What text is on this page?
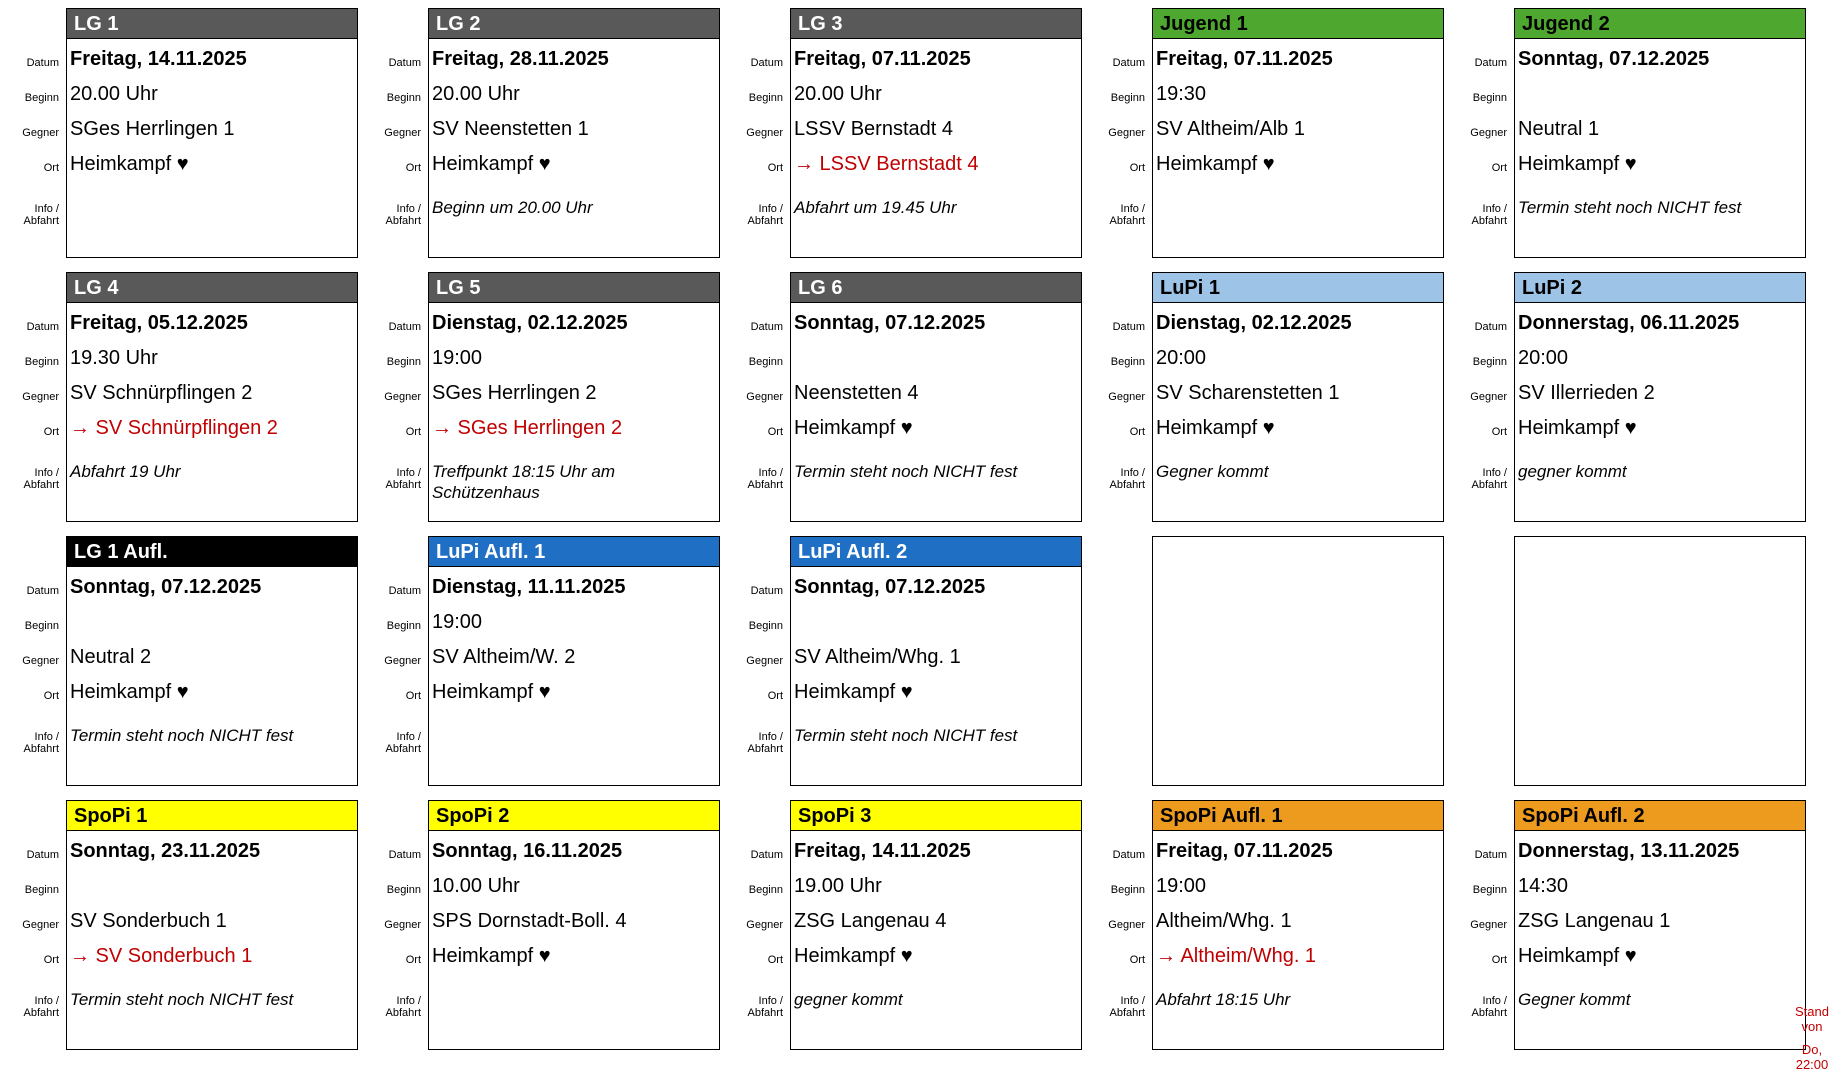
LG 1
Datum Freitag, 14.11.2025
Beginn 20.00 Uhr
Gegner SGes Herrlingen 1
Ort Heimkampf ♥
Info /
Abfahrt
LG 2
Datum Freitag, 28.11.2025
Beginn 20.00 Uhr
Gegner SV Neenstetten 1
Ort Heimkampf ♥
Info /
Abfahrt
Beginn um 20.00 Uhr
LG 3
Datum Freitag, 07.11.2025
Beginn 20.00 Uhr
Gegner LSSV Bernstadt 4
Ort → LSSV Bernstadt 4
Info /
Abfahrt
Abfahrt um 19.45 Uhr
Jugend 1
Datum Freitag, 07.11.2025
Beginn 19:30
Gegner SV Altheim/Alb 1
Ort Heimkampf ♥
Info /
Abfahrt
Jugend 2
Datum Sonntag, 07.12.2025
Beginn
Gegner Neutral 1
Ort Heimkampf ♥
Info /
Abfahrt
Termin steht noch NICHT fest
LG 4
Datum Freitag, 05.12.2025
Beginn 19.30 Uhr
Gegner SV Schnürpflingen 2
Ort → SV Schnürpflingen 2
Info /
Abfahrt
Abfahrt 19 Uhr
LG 5
Datum Dienstag, 02.12.2025
Beginn 19:00
Gegner SGes Herrlingen 2
Ort → SGes Herrlingen 2
Info /
Abfahrt
Treffpunkt 18:15 Uhr am Schützenhaus
LG 6
Datum Sonntag, 07.12.2025
Beginn
Gegner Neenstetten 4
Ort Heimkampf ♥
Info /
Abfahrt
Termin steht noch NICHT fest
LuPi 1
Datum Dienstag, 02.12.2025
Beginn 20:00
Gegner SV Scharenstetten 1
Ort Heimkampf ♥
Info /
Abfahrt
Gegner kommt
LuPi 2
Datum Donnerstag, 06.11.2025
Beginn 20:00
Gegner SV Illerrieden 2
Ort Heimkampf ♥
Info /
Abfahrt
gegner kommt
LG 1 Aufl.
Datum Sonntag, 07.12.2025
Beginn
Gegner Neutral 2
Ort Heimkampf ♥
Info /
Abfahrt
Termin steht noch NICHT fest
LuPi Aufl. 1
Datum Dienstag, 11.11.2025
Beginn 19:00
Gegner SV Altheim/W. 2
Ort Heimkampf ♥
Info /
Abfahrt
LuPi Aufl. 2
Datum Sonntag, 07.12.2025
Beginn
Gegner SV Altheim/Whg. 1
Ort Heimkampf ♥
Info /
Abfahrt
Termin steht noch NICHT fest
SpoPi 1
Datum Sonntag, 23.11.2025
Beginn
Gegner SV Sonderbuch 1
Ort → SV Sonderbuch 1
Info /
Abfahrt
Termin steht noch NICHT fest
SpoPi 2
Datum Sonntag, 16.11.2025
Beginn 10.00 Uhr
Gegner SPS Dornstadt-Boll. 4
Ort Heimkampf ♥
Info /
Abfahrt
SpoPi 3
Datum Freitag, 14.11.2025
Beginn 19.00 Uhr
Gegner ZSG Langenau 4
Ort Heimkampf ♥
Info /
Abfahrt
gegner kommt
SpoPi Aufl. 1
Datum Freitag, 07.11.2025
Beginn 19:00
Gegner Altheim/Whg. 1
Ort → Altheim/Whg. 1
Info /
Abfahrt
Abfahrt 18:15 Uhr
SpoPi Aufl. 2
Datum Donnerstag, 13.11.2025
Beginn 14:30
Gegner ZSG Langenau 1
Ort Heimkampf ♥
Info /
Abfahrt
Gegner kommt
Stand
von
Do,
22:00
